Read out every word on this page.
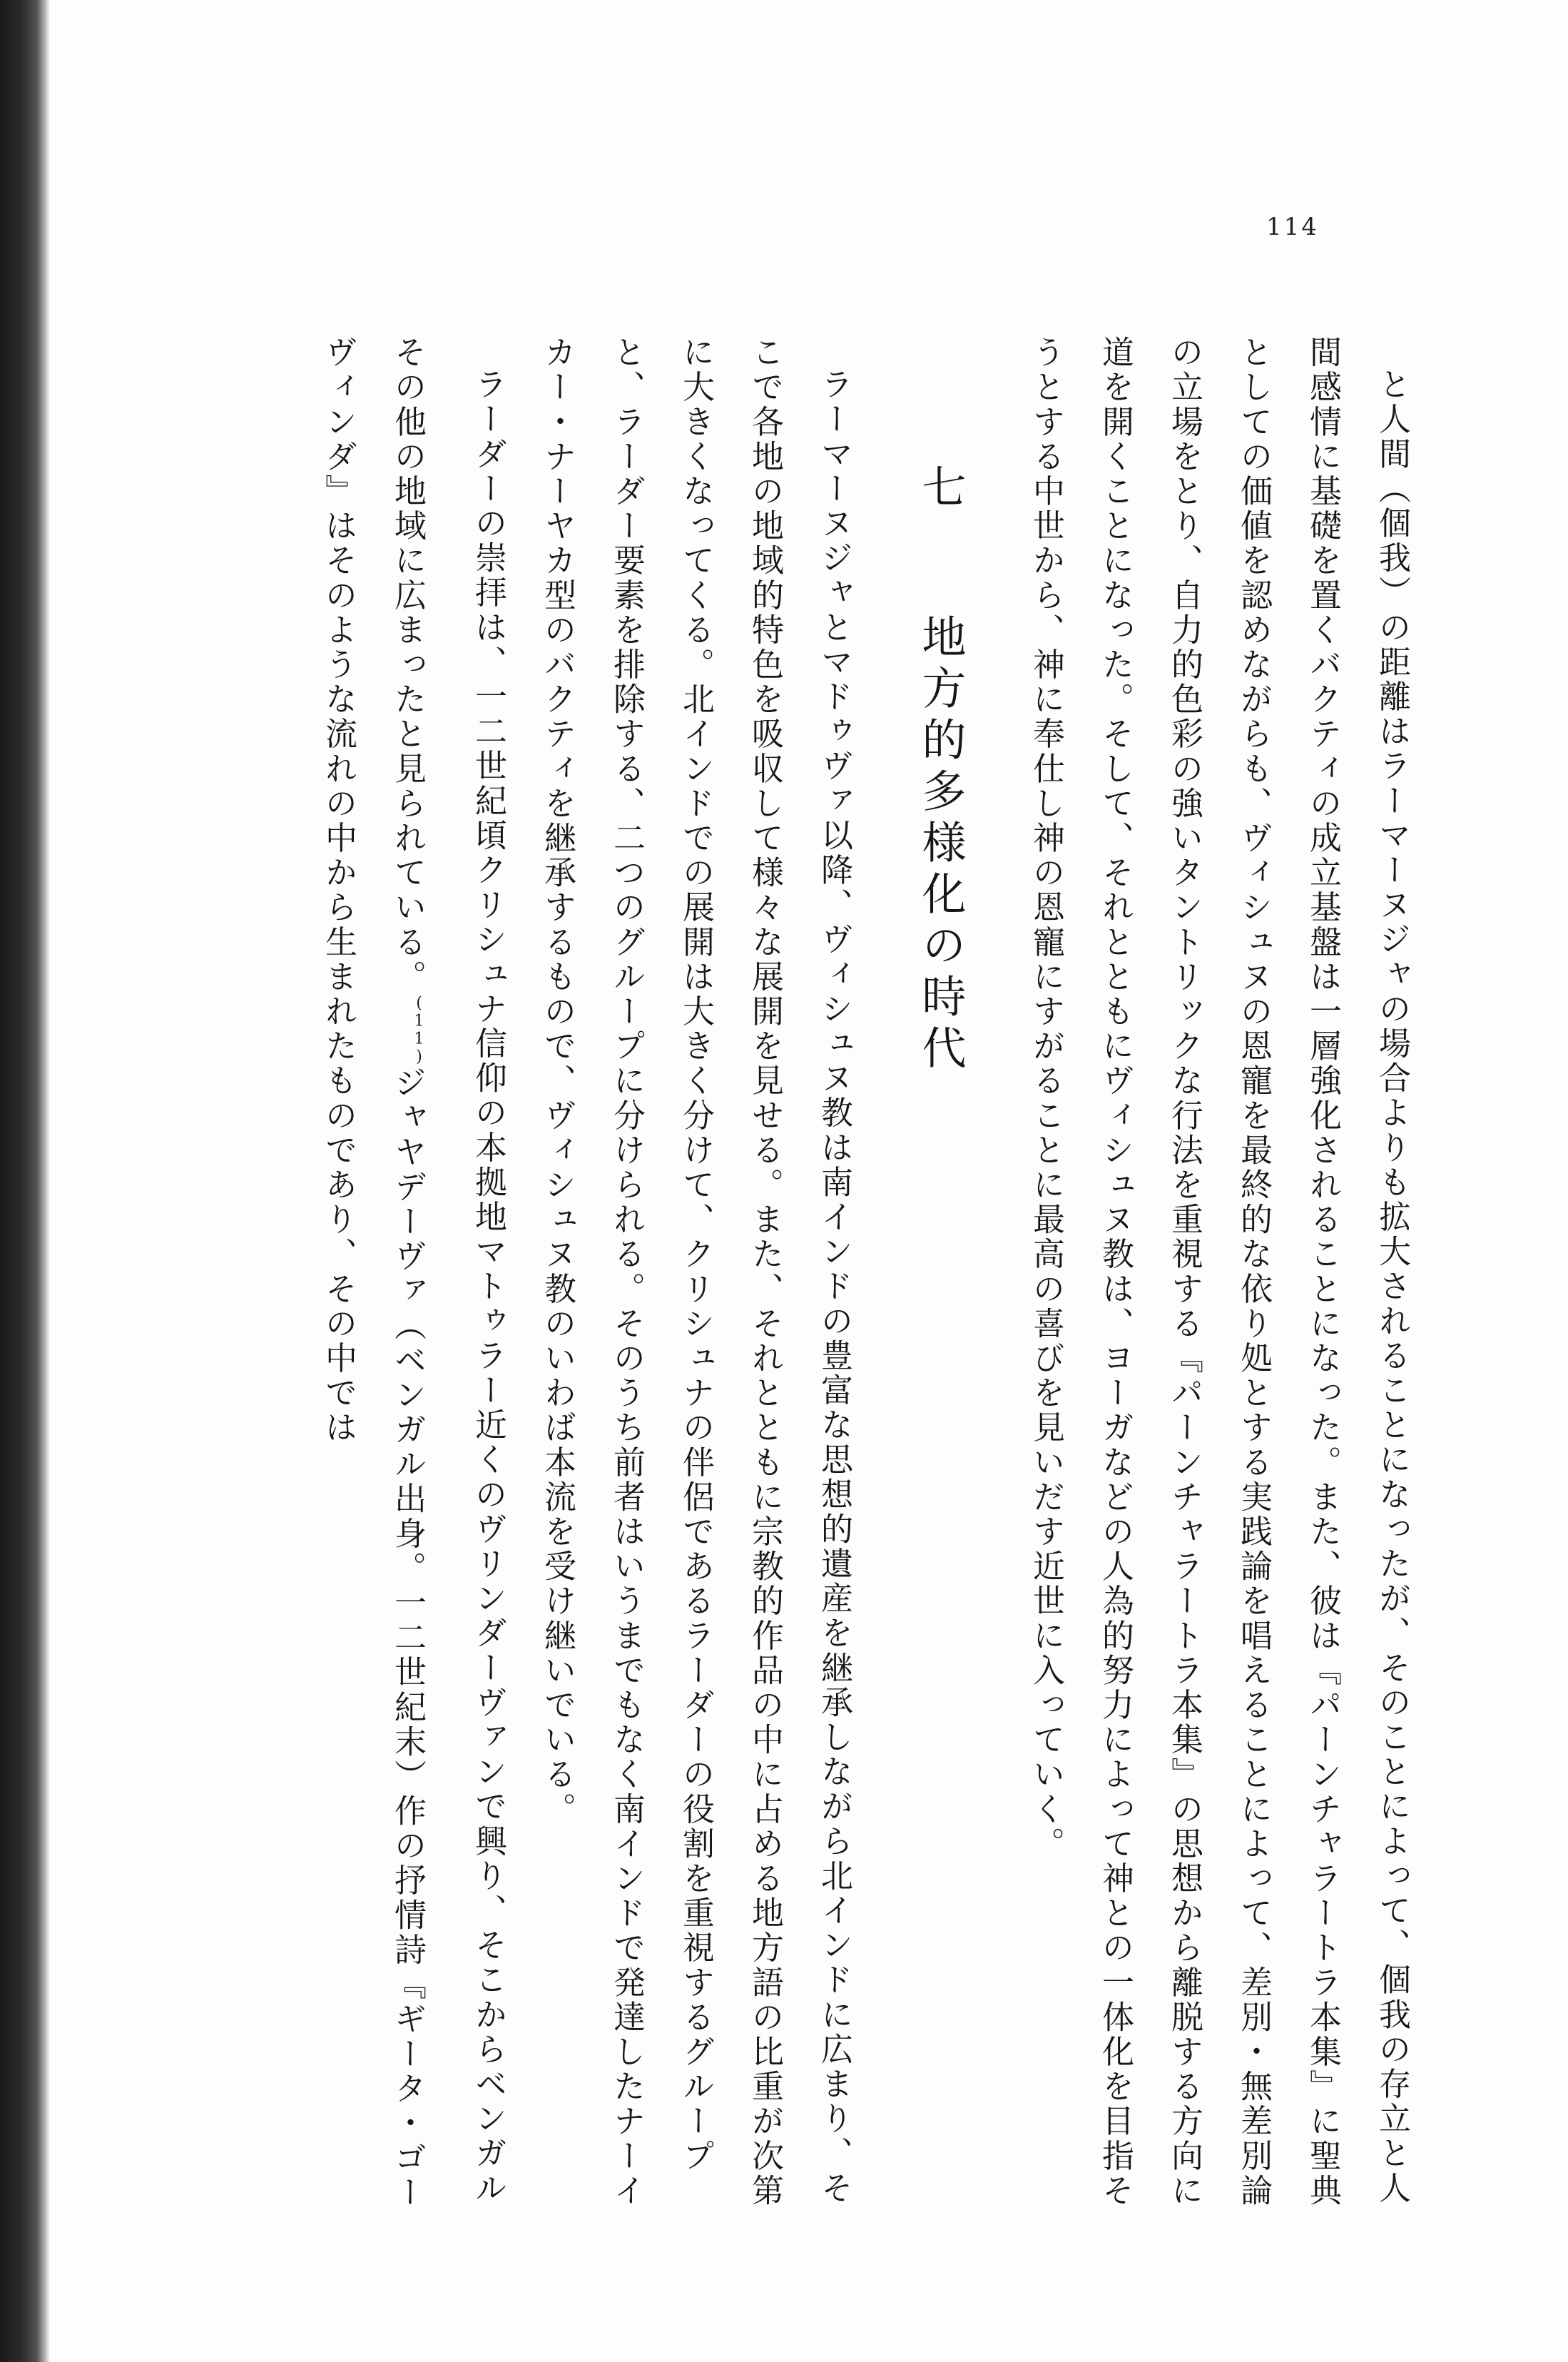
114

と人間（個我）の距離はラーマーヌジャの場合よりも拡大されることになったが、そのことによって、個我の存立と人間感情に基礎を置くバクティの成立基盤は一層強化されることになった。また、彼は『パーンチャラートラ本集』に聖典としての価値を認めながらも、ヴィシュヌの恩寵を最終的な依り処とする実践論を唱えることによって、差別・無差別論の立場をとり、自力的色彩の強いタントリックな行法を重視する『パーンチャラートラ本集』の思想から離脱する方向に道を開くことになった。そして、それとともにヴィシュヌ教は、ヨーガなどの人為的努力によって神との一体化を目指そうとする中世から、神に奉仕し神の恩寵にすがることに最高の喜びを見いだす近世に入っていく。

七 地方的多様化の時代

ラーマーヌジャとマドゥヴァ以降、ヴィシュヌ教は南インドの豊富な思想的遺産を継承しながら北インドに広まり、そこで各地の地域的特色を吸収して様々な展開を見せる。また、それとともに宗教的作品の中に占める地方語の比重が次第に大きくなってくる。北インドでの展開は大きく分けて、クリシュナの伴侶であるラーダーの役割を重視するグループと、ラーダー要素を排除する、二つのグループに分けられる。そのうち前者はいうまでもなく南インドで発達したナーイカー・ナーヤカ型のバクティを継承するもので、ヴィシュヌ教のいわば本流を受け継いでいる。

ラーダーの崇拝は、一二世紀頃クリシュナ信仰の本拠地マトゥラー近くのヴリンダーヴァンで興り、そこからベンガルその他の地域に広まったと見られている。$^{(11)}$ジャヤデーヴァ（ベンガル出身。一二世紀末）作の抒情詩『ギータ・ゴーヴィンダ』はそのような流れの中から生まれたものであり、その中では
